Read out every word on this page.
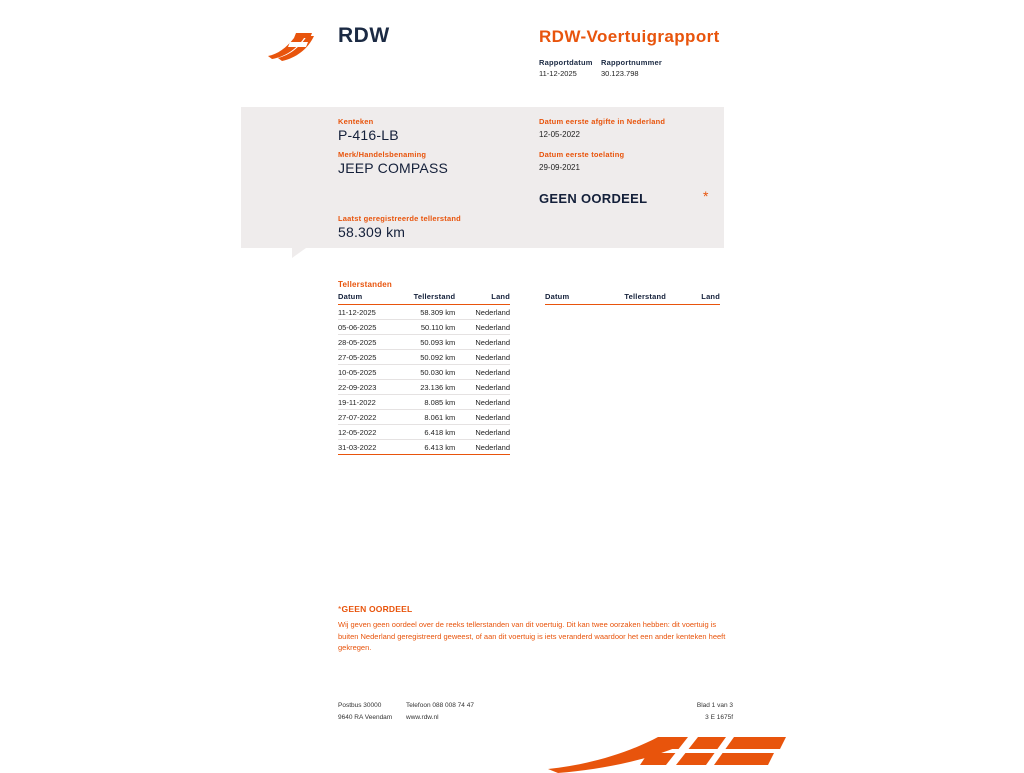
RDW	RDW-Voertuigrapport
Rapportdatum	Rapportnummer
11-12-2025	30.123.798
Kenteken
P-416-LB
Merk/Handelsbenaming
JEEP COMPASS
Laatst geregistreerde tellerstand
58.309 km
Datum eerste afgifte in Nederland
12-05-2022
Datum eerste toelating
29-09-2021
GEEN OORDEEL	*
Tellerstanden
Datum	Tellerstand	Land
11-12-2025	58.309 km	Nederland
05-06-2025	50.110 km	Nederland
28-05-2025	50.093 km	Nederland
27-05-2025	50.092 km	Nederland
10-05-2025	50.030 km	Nederland
22-09-2023	23.136 km	Nederland
19-11-2022	8.085 km	Nederland
27-07-2022	8.061 km	Nederland
12-05-2022	6.418 km	Nederland
31-03-2022	6.413 km	Nederland
Datum	Tellerstand	Land
*GEEN OORDEEL
Wij geven geen oordeel over de reeks tellerstanden van dit voertuig. Dit kan twee oorzaken hebben: dit voertuig is buiten Nederland geregistreerd geweest, of aan dit voertuig is iets veranderd waardoor het een ander kenteken heeft gekregen.
Postbus 30000	Telefoon 088 008 74 47
9640 RA Veendam	www.rdw.nl
Blad 1 van 3
3 E 1675f
